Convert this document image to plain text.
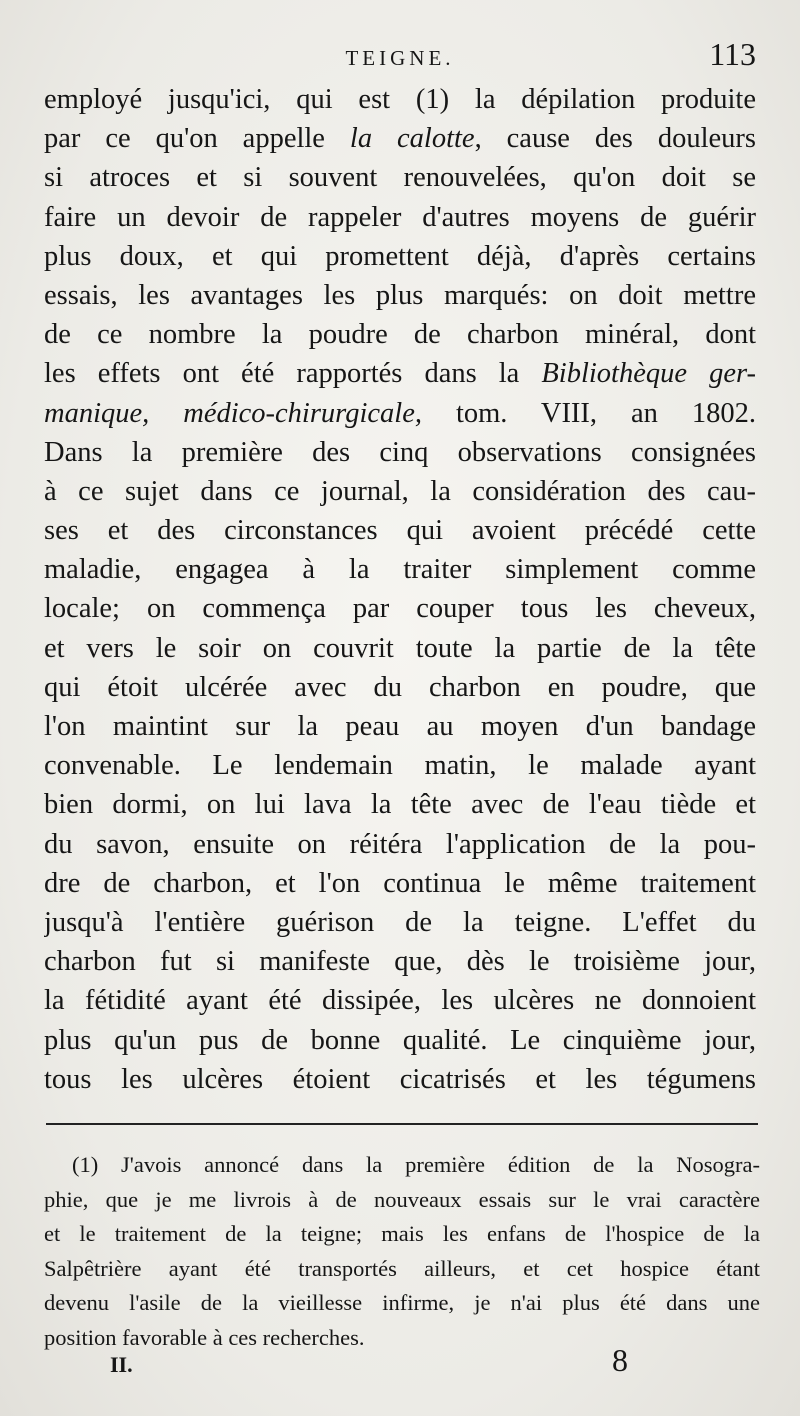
TEIGNE.	113
employé jusqu'ici, qui est (1) la dépilation produite
par ce qu'on appelle la calotte, cause des douleurs
si atroces et si souvent renouvelées, qu'on doit se
faire un devoir de rappeler d'autres moyens de guérir
plus doux, et qui promettent déjà, d'après certains
essais, les avantages les plus marqués: on doit mettre
de ce nombre la poudre de charbon minéral, dont
les effets ont été rapportés dans la Bibliothèque ger-
manique, médico-chirurgicale, tom. VIII, an 1802.
Dans la première des cinq observations consignées
à ce sujet dans ce journal, la considération des cau-
ses et des circonstances qui avoient précédé cette
maladie, engagea à la traiter simplement comme
locale; on commença par couper tous les cheveux,
et vers le soir on couvrit toute la partie de la tête
qui étoit ulcérée avec du charbon en poudre, que
l'on maintint sur la peau au moyen d'un bandage
convenable. Le lendemain matin, le malade ayant
bien dormi, on lui lava la tête avec de l'eau tiède et
du savon, ensuite on réitéra l'application de la pou-
dre de charbon, et l'on continua le même traitement
jusqu'à l'entière guérison de la teigne. L'effet du
charbon fut si manifeste que, dès le troisième jour,
la fétidité ayant été dissipée, les ulcères ne donnoient
plus qu'un pus de bonne qualité. Le cinquième jour,
tous les ulcères étoient cicatrisés et les tégumens
(1) J'avois annoncé dans la première édition de la Nosogra-
phie, que je me livrois à de nouveaux essais sur le vrai caractère
et le traitement de la teigne; mais les enfans de l'hospice de la
Salpêtrière ayant été transportés ailleurs, et cet hospice étant
devenu l'asile de la vieillesse infirme, je n'ai plus été dans une
position favorable à ces recherches.
II.	8
